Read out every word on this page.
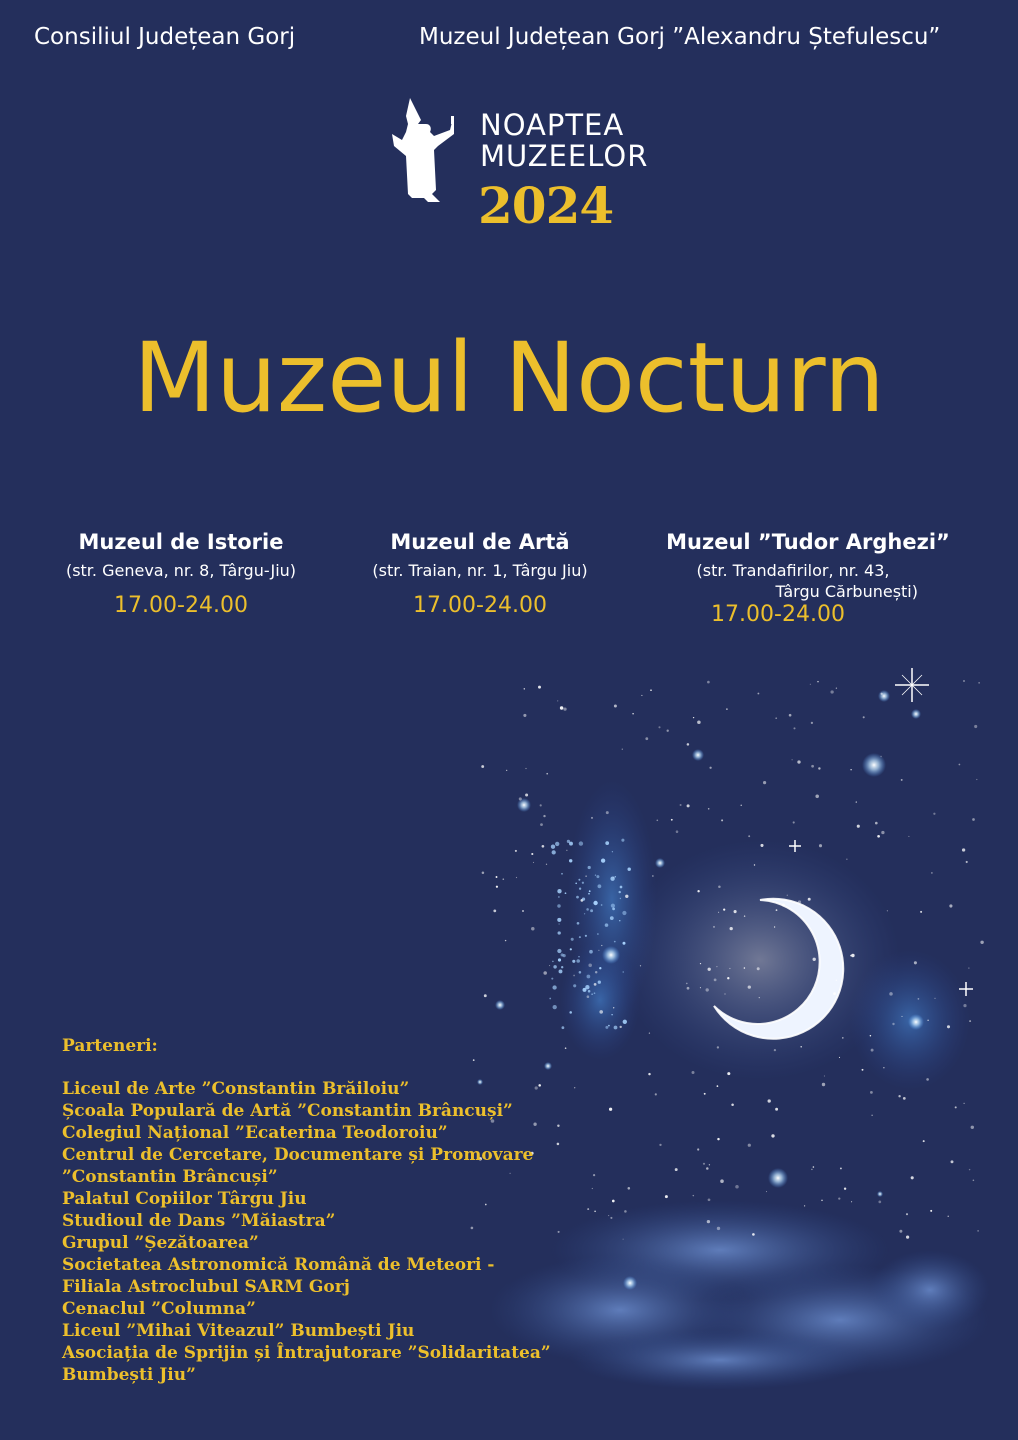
Consiliul Județean Gorj	Muzeul Județean Gorj ”Alexandru Ștefulescu”
NOAPTEA
MUZEELOR
2024
Muzeul Nocturn
Muzeul de Istorie
(str. Geneva, nr. 8, Târgu-Jiu)
17.00-24.00
Muzeul de Artă
(str. Traian, nr. 1, Târgu Jiu)
17.00-24.00
Muzeul ”Tudor Arghezi”
(str. Trandafirilor, nr. 43,
Târgu Cărbunești)
17.00-24.00
Parteneri:
Liceul de Arte ”Constantin Brăiloiu”
Școala Populară de Artă ”Constantin Brâncuși”
Colegiul Național ”Ecaterina Teodoroiu”
Centrul de Cercetare, Documentare și Promovare
”Constantin Brâncuși”
Palatul Copiilor Târgu Jiu
Studioul de Dans ”Măiastra”
Grupul ”Șezătoarea”
Societatea Astronomică Română de Meteori -
Filiala Astroclubul SARM Gorj
Cenaclul ”Columna”
Liceul ”Mihai Viteazul” Bumbești Jiu
Asociația de Sprijin și Întrajutorare ”Solidaritatea”
Bumbești Jiu”
